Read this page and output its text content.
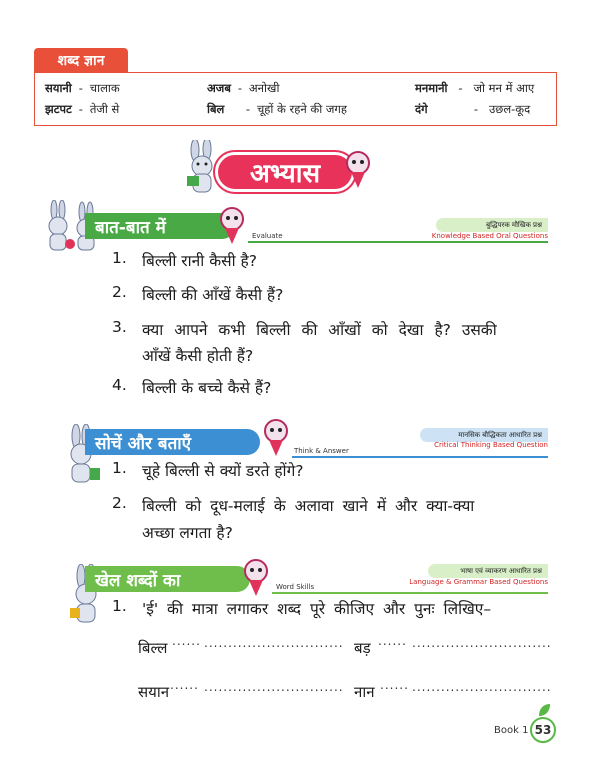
शब्द ज्ञान
सयानी - चालाक	अजब - अनोखी	मनमानी - जो मन में आए
झटपट - तेजी से	बिल - चूहों के रहने की जगह	दंगे	- उछल-कूद
अभ्यास
बात-बात में	Evaluate
बुद्धिपरक मौखिक प्रश्न
Knowledge Based Oral Questions
1. बिल्ली रानी कैसी है?
2. बिल्ली की आँखें कैसी हैं?
3. क्या आपने कभी बिल्ली की आँखों को देखा है? उसकी
आँखें कैसी होती हैं?
4. बिल्ली के बच्चे कैसे हैं?
सोचें और बताएँ	Think & Answer
मानसिक बौद्धिकता आधारित प्रश्न
Critical Thinking Based Question
1. चूहे बिल्ली से क्यों डरते होंगे?
2. बिल्ली को दूध-मलाई के अलावा खाने में और क्या-क्या
अच्छा लगता है?
खेल शब्दों का	Word Skills
भाषा एवं व्याकरण आधारित प्रश्न
Language & Grammar Based Questions
1. 'ई' की मात्रा लगाकर शब्द पूरे कीजिए और पुनः लिखिए–
बिल्ल ...... ............................. बड़ ...... .............................
सयान ...... ............................. नान ...... .............................
Book 1 53
